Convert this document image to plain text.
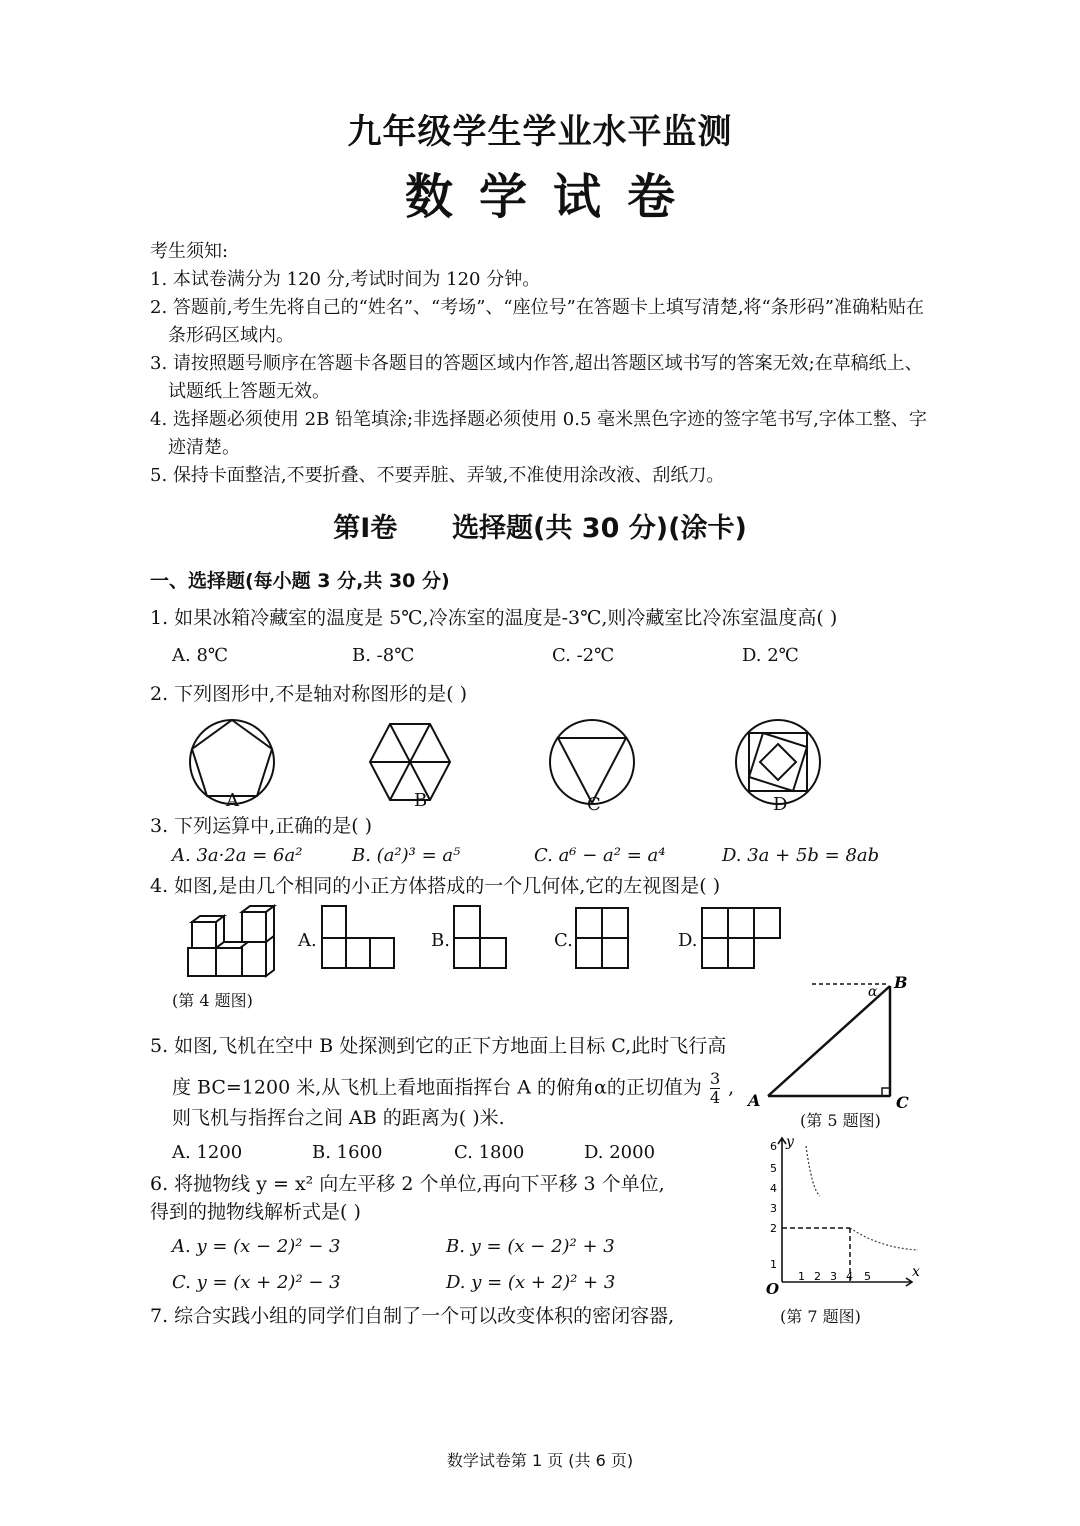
九年级学生学业水平监测
数学试卷
考生须知:
1. 本试卷满分为 120 分,考试时间为 120 分钟。
2. 答题前,考生先将自己的“姓名”、“考场”、“座位号”在答题卡上填写清楚,将“条形码”准确粘贴在条形码区域内。
3. 请按照题号顺序在答题卡各题目的答题区域内作答,超出答题区域书写的答案无效;在草稿纸上、试题纸上答题无效。
4. 选择题必须使用 2B 铅笔填涂;非选择题必须使用 0.5 毫米黑色字迹的签字笔书写,字体工整、字迹清楚。
5. 保持卡面整洁,不要折叠、不要弄脏、弄皱,不准使用涂改液、刮纸刀。
第Ⅰ卷 选择题(共 30 分)(涂卡)
一、选择题(每小题 3 分,共 30 分)
1. 如果冰箱冷藏室的温度是 5℃,冷冻室的温度是-3℃,则冷藏室比冷冻室温度高( )
A. 8℃	B. -8℃	C. -2℃	D. 2℃
2. 下列图形中,不是轴对称图形的是( )
A	B	C	D
3. 下列运算中,正确的是( )
A. 3a·2a = 6a²	B. (a²)³ = a⁵	C. a⁶ − a² = a⁴	D. 3a + 5b = 8ab
4. 如图,是由几个相同的小正方体搭成的一个几何体,它的左视图是( )
A.	B.	C.	D.
(第 4 题图)
A
B
C
α
(第 5 题图)
5. 如图,飞机在空中 B 处探测到它的正下方地面上目标 C,此时飞行高
度 BC=1200 米,从飞机上看地面指挥台 A 的俯角α的正切值为 $\frac{3}{4}$ ,
则飞机与指挥台之间 AB 的距离为( )米.
A. 1200	B. 1600	C. 1800	D. 2000
6. 将抛物线 y = x² 向左平移 2 个单位,再向下平移 3 个单位,
得到的抛物线解析式是( )
A. y = (x − 2)² − 3	B. y = (x − 2)² + 3
C. y = (x + 2)² − 3	D. y = (x + 2)² + 3
7. 综合实践小组的同学们自制了一个可以改变体积的密闭容器,
y
x
O
1
2
3
4
5
6
1 2 3 4 5
(第 7 题图)
数学试卷第 1 页 (共 6 页)
